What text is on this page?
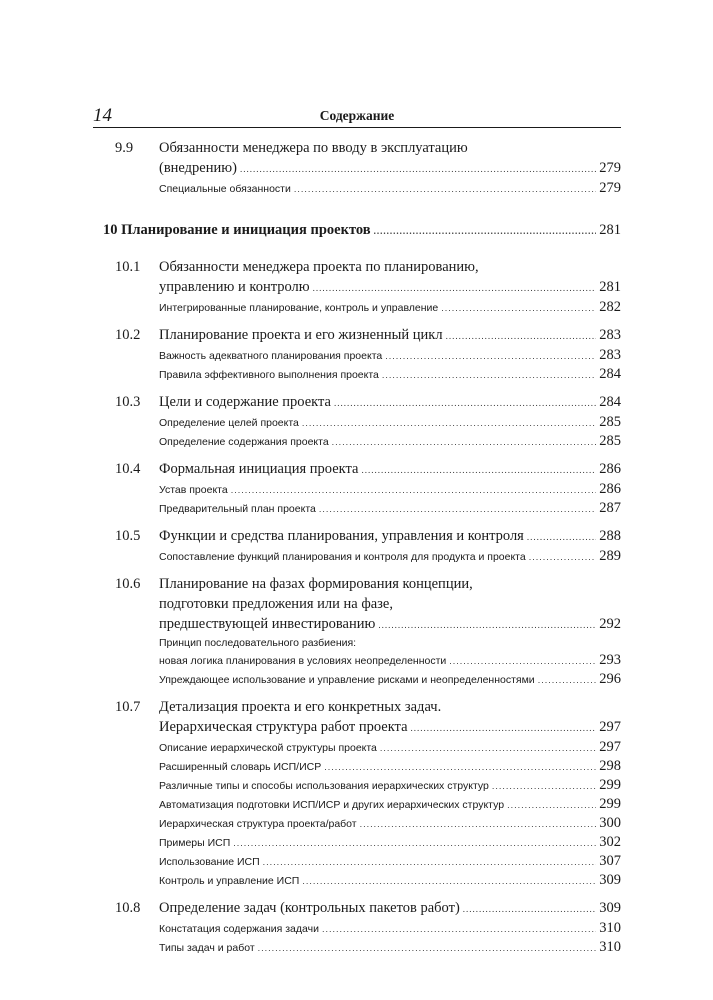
14	Содержание
9.9 Обязанности менеджера по вводу в эксплуатацию
(внедрению) .....	279
Специальные обязанности .....	279
10 Планирование и инициация проектов .....	281
10.1 Обязанности менеджера проекта по планированию,
управлению и контролю .....	281
Интегрированные планирование, контроль и управление .....	282
10.2 Планирование проекта и его жизненный цикл .....	283
Важность адекватного планирования проекта .....	283
Правила эффективного выполнения проекта .....	284
10.3 Цели и содержание проекта .....	284
Определение целей проекта .....	285
Определение содержания проекта .....	285
10.4 Формальная инициация проекта .....	286
Устав проекта .....	286
Предварительный план проекта .....	287
10.5 Функции и средства планирования, управления и контроля .....	288
Сопоставление функций планирования и контроля для продукта и проекта .....	289
10.6 Планирование на фазах формирования концепции,
подготовки предложения или на фазе,
предшествующей инвестированию .....	292
Принцип последовательного разбиения:
новая логика планирования в условиях неопределенности .....	293
Упреждающее использование и управление рисками и неопределенностями .....	296
10.7 Детализация проекта и его конкретных задач.
Иерархическая структура работ проекта .....	297
Описание иерархической структуры проекта .....	297
Расширенный словарь ИСП/ИСР .....	298
Различные типы и способы использования иерархических структур .....	299
Автоматизация подготовки ИСП/ИСР и других иерархических структур .....	299
Иерархическая структура проекта/работ .....	300
Примеры ИСП .....	302
Использование ИСП .....	307
Контроль и управление ИСП .....	309
10.8 Определение задач (контрольных пакетов работ) .....	309
Констатация содержания задачи .....	310
Типы задач и работ .....	310
